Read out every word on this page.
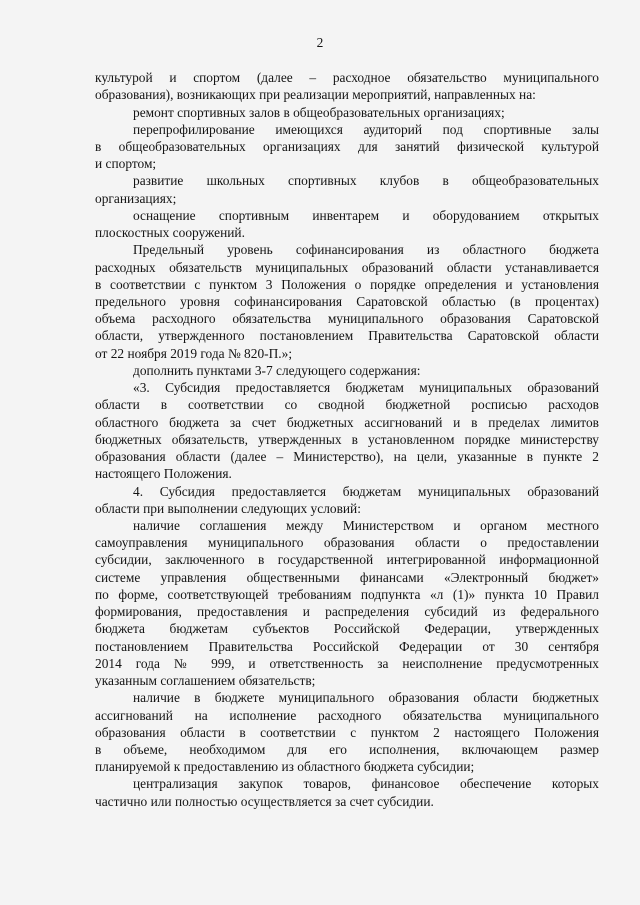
2
культурой и спортом (далее – расходное обязательство муниципального
образования), возникающих при реализации мероприятий, направленных на:
ремонт спортивных залов в общеобразовательных организациях;
перепрофилирование имеющихся аудиторий под спортивные залы
в общеобразовательных организациях для занятий физической культурой
и спортом;
развитие школьных спортивных клубов в общеобразовательных
организациях;
оснащение спортивным инвентарем и оборудованием открытых
плоскостных сооружений.
Предельный уровень софинансирования из областного бюджета
расходных обязательств муниципальных образований области устанавливается
в соответствии с пунктом 3 Положения о порядке определения и установления
предельного уровня софинансирования Саратовской областью (в процентах)
объема расходного обязательства муниципального образования Саратовской
области, утвержденного постановлением Правительства Саратовской области
от 22 ноября 2019 года № 820-П.»;
дополнить пунктами 3-7 следующего содержания:
«3. Субсидия предоставляется бюджетам муниципальных образований
области в соответствии со сводной бюджетной росписью расходов
областного бюджета за счет бюджетных ассигнований и в пределах лимитов
бюджетных обязательств, утвержденных в установленном порядке министерству
образования области (далее – Министерство), на цели, указанные в пункте 2
настоящего Положения.
4. Субсидия предоставляется бюджетам муниципальных образований
области при выполнении следующих условий:
наличие соглашения между Министерством и органом местного
самоуправления муниципального образования области о предоставлении
субсидии, заключенного в государственной интегрированной информационной
системе управления общественными финансами «Электронный бюджет»
по форме, соответствующей требованиям подпункта «л (1)» пункта 10 Правил
формирования, предоставления и распределения субсидий из федерального
бюджета бюджетам субъектов Российской Федерации, утвержденных
постановлением Правительства Российской Федерации от 30 сентября
2014 года № 999, и ответственность за неисполнение предусмотренных
указанным соглашением обязательств;
наличие в бюджете муниципального образования области бюджетных
ассигнований на исполнение расходного обязательства муниципального
образования области в соответствии с пунктом 2 настоящего Положения
в объеме, необходимом для его исполнения, включающем размер
планируемой к предоставлению из областного бюджета субсидии;
централизация закупок товаров, финансовое обеспечение которых
частично или полностью осуществляется за счет субсидии.
